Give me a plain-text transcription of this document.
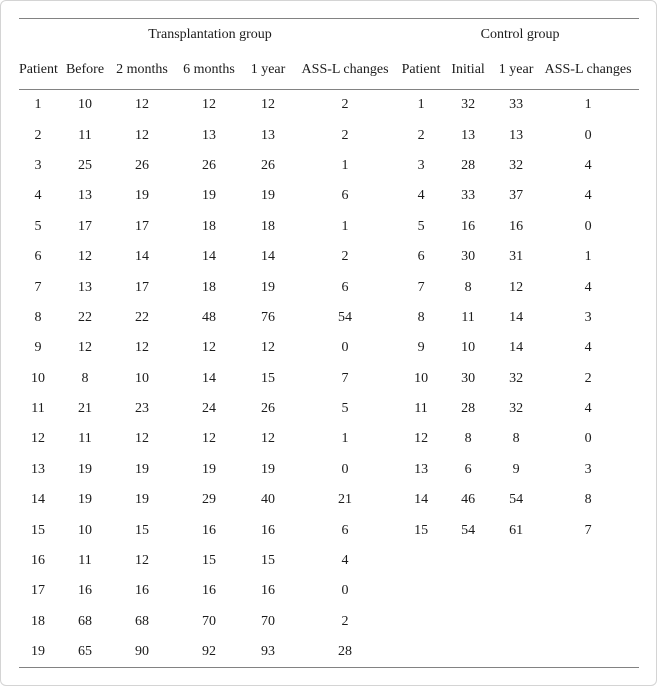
Transplantation group						Control group			
Patient	Before	2 months	6 months	1 year	ASS-L changes	Patient	Initial	1 year	ASS-L changes
1	10	12	12	12	2	1	32	33	1
2	11	12	13	13	2	2	13	13	0
3	25	26	26	26	1	3	28	32	4
4	13	19	19	19	6	4	33	37	4
5	17	17	18	18	1	5	16	16	0
6	12	14	14	14	2	6	30	31	1
7	13	17	18	19	6	7	8	12	4
8	22	22	48	76	54	8	11	14	3
9	12	12	12	12	0	9	10	14	4
10	8	10	14	15	7	10	30	32	2
11	21	23	24	26	5	11	28	32	4
12	11	12	12	12	1	12	8	8	0
13	19	19	19	19	0	13	6	9	3
14	19	19	29	40	21	14	46	54	8
15	10	15	16	16	6	15	54	61	7
16	11	12	15	15	4				
17	16	16	16	16	0				
18	68	68	70	70	2				
19	65	90	92	93	28				
